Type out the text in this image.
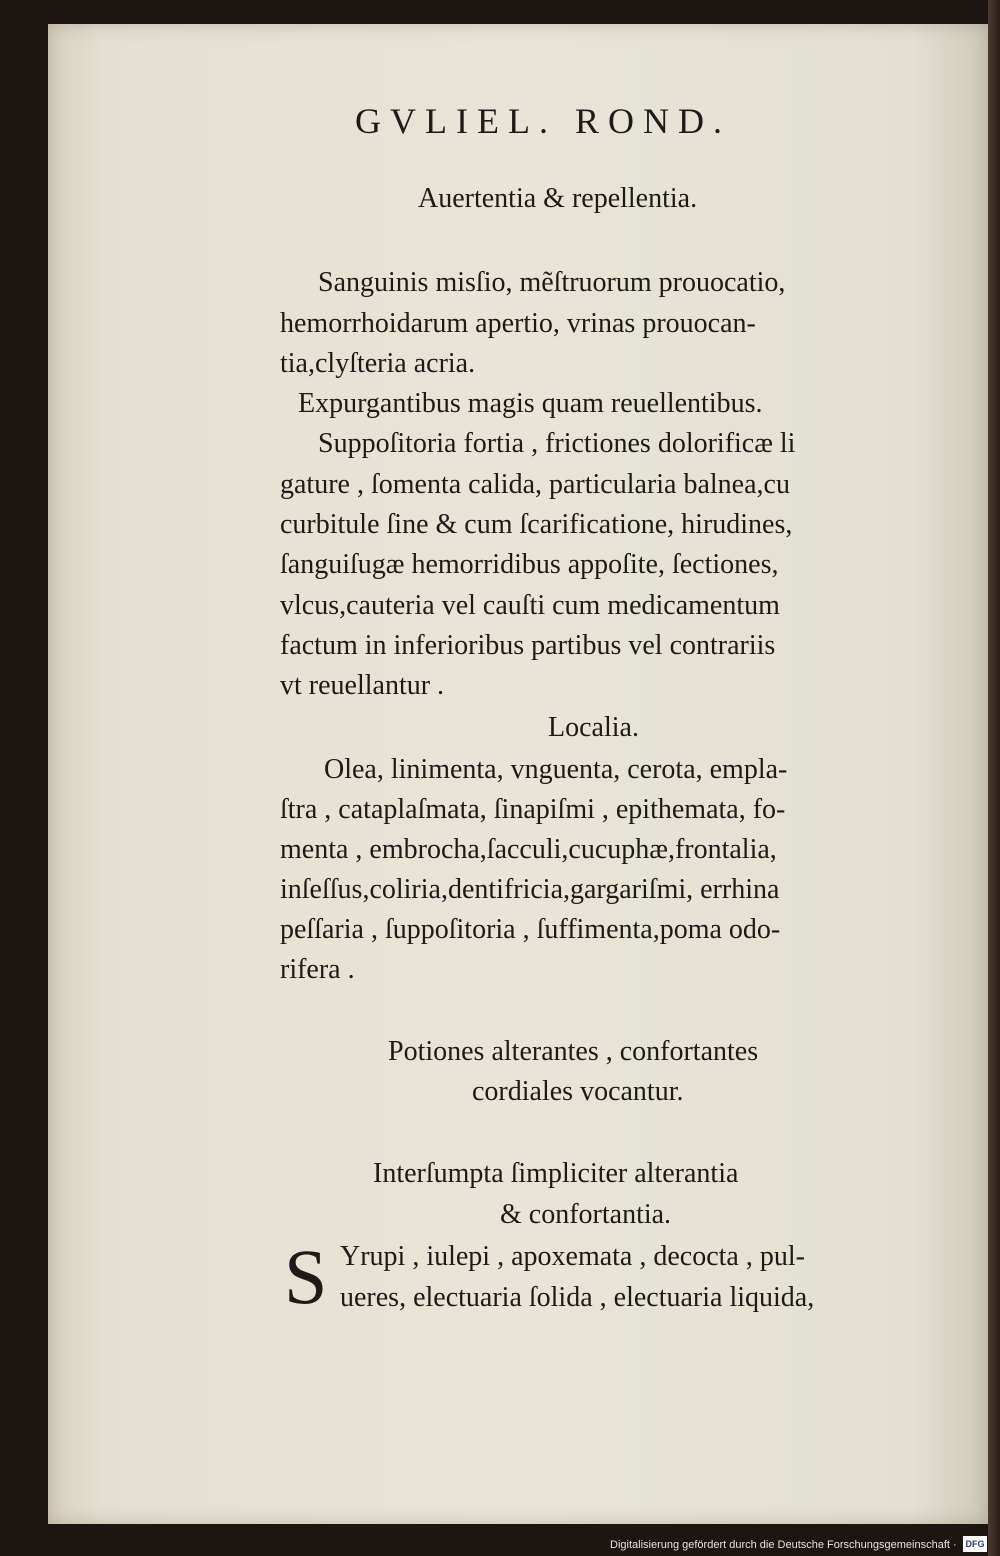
GVLIEL. ROND.
Auertentia & repellentia.
Sanguinis misſio, mẽſtruorum prouocatio,
hemorrhoidarum apertio, vrinas prouocan-
tia,clyſteria acria.
Expurgantibus magis quam reuellentibus.
Suppoſitoria fortia , frictiones dolorificæ li
gature , ſomenta calida, particularia balnea,cu
curbitule ſine & cum ſcarificatione, hirudines,
ſanguiſugæ hemorridibus appoſite, ſectiones,
vlcus,cauteria vel cauſti cum medicamentum
factum in inferioribus partibus vel contrariis
vt reuellantur .
Localia.
Olea, linimenta, vnguenta, cerota, empla-
ſtra , cataplaſmata, ſinapiſmi , epithemata, fo-
menta , embrocha,ſacculi,cucuphæ,frontalia,
inſeſſus,coliria,dentifricia,gargariſmi, errhina
peſſaria , ſuppoſitoria , ſuffimenta,poma odo-
rifera .
Potiones alterantes , confortantes
cordiales vocantur.
Interſumpta ſimpliciter alterantia
& confortantia.
S Yrupi , iulepi , apoxemata , decocta , pul-
ueres, electuaria ſolida , electuaria liquida,
Digitalisierung gefördert durch die Deutsche Forschungsgemeinschaft · DFG
